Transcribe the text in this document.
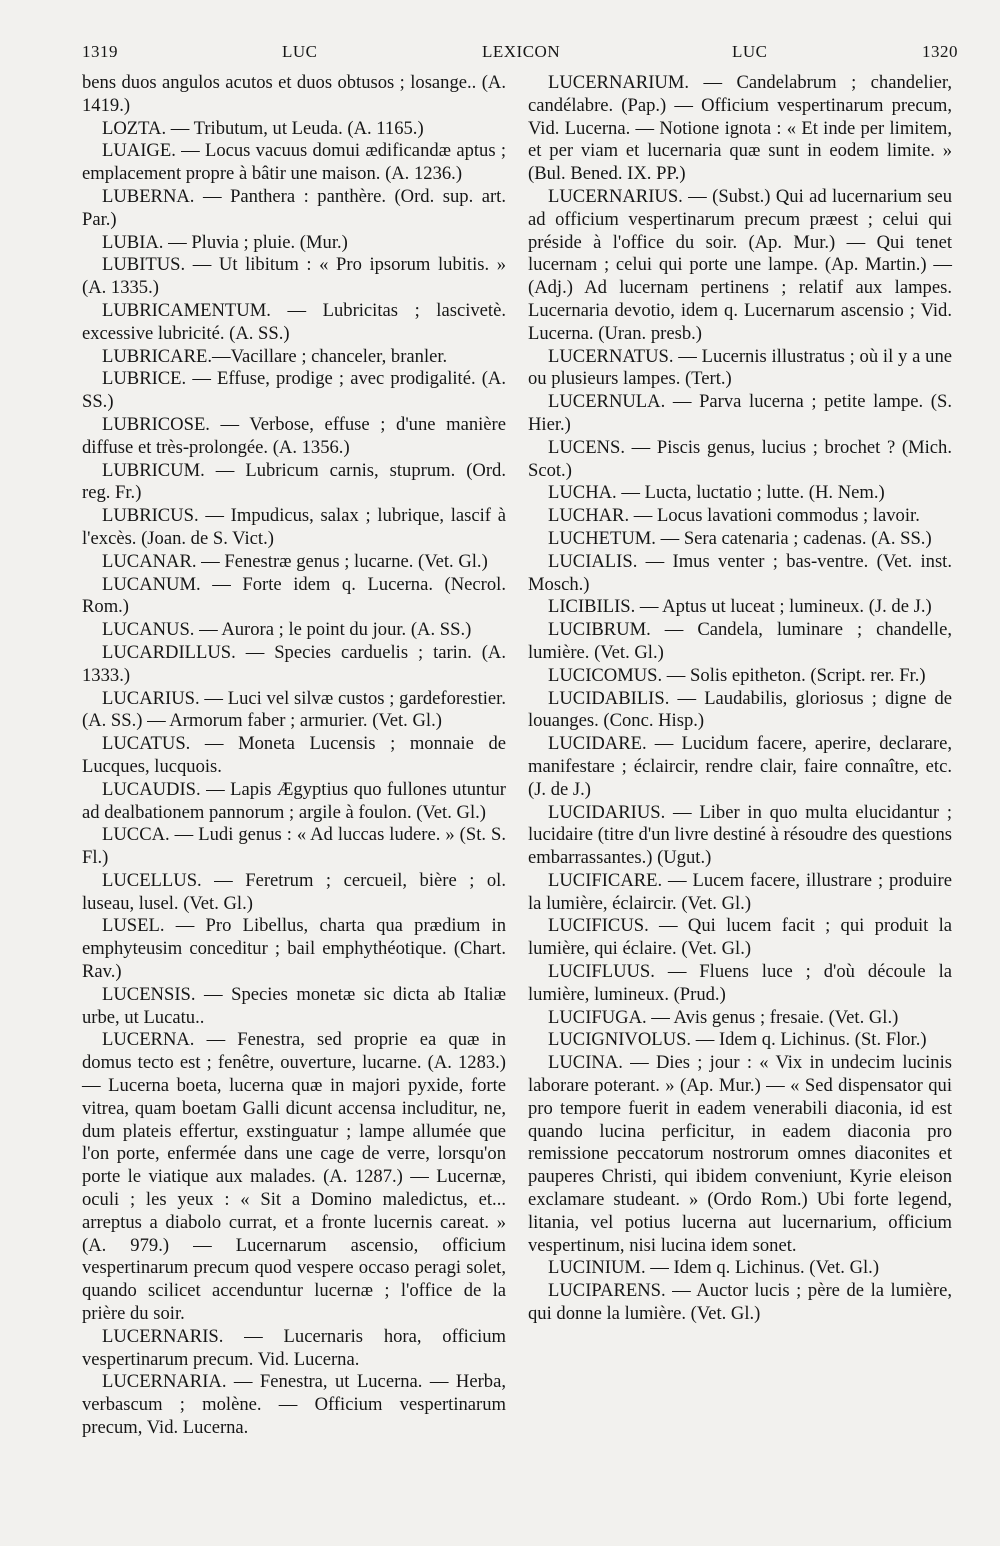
1319	LUC	LEXICON	LUC	1320

bens duos angulos acutos et duos obtusos ; losange.. (A. 1419.)

LOZTA. — Tributum, ut Leuda. (A. 1165.)

LUAIGE. — Locus vacuus domui ædificandæ aptus ; emplacement propre à bâtir une maison. (A. 1236.)

LUBERNA. — Panthera : panthère. (Ord. sup. art. Par.)

LUBIA. — Pluvia ; pluie. (Mur.)

LUBITUS. — Ut libitum : « Pro ipsorum lubitis. » (A. 1335.)

LUBRICAMENTUM. — Lubricitas ; lascivetè. excessive lubricité. (A. SS.)

LUBRICARE.—Vacillare ; chanceler, branler.

LUBRICE. — Effuse, prodige ; avec prodigalité. (A. SS.)

LUBRICOSE. — Verbose, effuse ; d'une manière diffuse et très-prolongée. (A. 1356.)

LUBRICUM. — Lubricum carnis, stuprum. (Ord. reg. Fr.)

LUBRICUS. — Impudicus, salax ; lubrique, lascif à l'excès. (Joan. de S. Vict.)

LUCANAR. — Fenestræ genus ; lucarne. (Vet. Gl.)

LUCANUM. — Forte idem q. Lucerna. (Necrol. Rom.)

LUCANUS. — Aurora ; le point du jour. (A. SS.)

LUCARDILLUS. — Species carduelis ; tarin. (A. 1333.)

LUCARIUS. — Luci vel silvæ custos ; gardeforestier. (A. SS.) — Armorum faber ; armurier. (Vet. Gl.)

LUCATUS. — Moneta Lucensis ; monnaie de Lucques, lucquois.

LUCAUDIS. — Lapis Ægyptius quo fullones utuntur ad dealbationem pannorum ; argile à foulon. (Vet. Gl.)

LUCCA. — Ludi genus : « Ad luccas ludere. » (St. S. Fl.)

LUCELLUS. — Feretrum ; cercueil, bière ; ol. luseau, lusel. (Vet. Gl.)

LUSEL. — Pro Libellus, charta qua prædium in emphyteusim conceditur ; bail emphythéotique. (Chart. Rav.)

LUCENSIS. — Species monetæ sic dicta ab Italiæ urbe, ut Lucatu..

LUCERNA. — Fenestra, sed proprie ea quæ in domus tecto est ; fenêtre, ouverture, lucarne. (A. 1283.) — Lucerna boeta, lucerna quæ in majori pyxide, forte vitrea, quam boetam Galli dicunt accensa includitur, ne, dum plateis effertur, exstinguatur ; lampe allumée que l'on porte, enfermée dans une cage de verre, lorsqu'on porte le viatique aux malades. (A. 1287.) — Lucernæ, oculi ; les yeux : « Sit a Domino maledictus, et... arreptus a diabolo currat, et a fronte lucernis careat. » (A. 979.) — Lucernarum ascensio, officium vespertinarum precum quod vespere occaso peragi solet, quando scilicet accenduntur lucernæ ; l'office de la prière du soir.

LUCERNARIS. — Lucernaris hora, officium vespertinarum precum. Vid. Lucerna.

LUCERNARIA. — Fenestra, ut Lucerna. — Herba, verbascum ; molène. — Officium vespertinarum precum, Vid. Lucerna.

LUCERNARIUM. — Candelabrum ; chandelier, candélabre. (Pap.) — Officium vespertinarum precum, Vid. Lucerna. — Notione ignota : « Et inde per limitem, et per viam et lucernaria quæ sunt in eodem limite. » (Bul. Bened. IX. PP.)

LUCERNARIUS. — (Subst.) Qui ad lucernarium seu ad officium vespertinarum precum præest ; celui qui préside à l'office du soir. (Ap. Mur.) — Qui tenet lucernam ; celui qui porte une lampe. (Ap. Martin.) — (Adj.) Ad lucernam pertinens ; relatif aux lampes. Lucernaria devotio, idem q. Lucernarum ascensio ; Vid. Lucerna. (Uran. presb.)

LUCERNATUS. — Lucernis illustratus ; où il y a une ou plusieurs lampes. (Tert.)

LUCERNULA. — Parva lucerna ; petite lampe. (S. Hier.)

LUCENS. — Piscis genus, lucius ; brochet ? (Mich. Scot.)

LUCHA. — Lucta, luctatio ; lutte. (H. Nem.)

LUCHAR. — Locus lavationi commodus ; lavoir.

LUCHETUM. — Sera catenaria ; cadenas. (A. SS.)

LUCIALIS. — Imus venter ; bas-ventre. (Vet. inst. Mosch.)

LICIBILIS. — Aptus ut luceat ; lumineux. (J. de J.)

LUCIBRUM. — Candela, luminare ; chandelle, lumière. (Vet. Gl.)

LUCICOMUS. — Solis epitheton. (Script. rer. Fr.)

LUCIDABILIS. — Laudabilis, gloriosus ; digne de louanges. (Conc. Hisp.)

LUCIDARE. — Lucidum facere, aperire, declarare, manifestare ; éclaircir, rendre clair, faire connaître, etc. (J. de J.)

LUCIDARIUS. — Liber in quo multa elucidantur ; lucidaire (titre d'un livre destiné à résoudre des questions embarrassantes.) (Ugut.)

LUCIFICARE. — Lucem facere, illustrare ; produire la lumière, éclaircir. (Vet. Gl.)

LUCIFICUS. — Qui lucem facit ; qui produit la lumière, qui éclaire. (Vet. Gl.)

LUCIFLUUS. — Fluens luce ; d'où découle la lumière, lumineux. (Prud.)

LUCIFUGA. — Avis genus ; fresaie. (Vet. Gl.)

LUCIGNIVOLUS. — Idem q. Lichinus. (St. Flor.)

LUCINA. — Dies ; jour : « Vix in undecim lucinis laborare poterant. » (Ap. Mur.) — « Sed dispensator qui pro tempore fuerit in eadem venerabili diaconia, id est quando lucina perficitur, in eadem diaconia pro remissione peccatorum nostrorum omnes diaconites et pauperes Christi, qui ibidem conveniunt, Kyrie eleison exclamare studeant. » (Ordo Rom.) Ubi forte legend, litania, vel potius lucerna aut lucernarium, officium vespertinum, nisi lucina idem sonet.

LUCINIUM. — Idem q. Lichinus. (Vet. Gl.)

LUCIPARENS. — Auctor lucis ; père de la lumière, qui donne la lumière. (Vet. Gl.)
